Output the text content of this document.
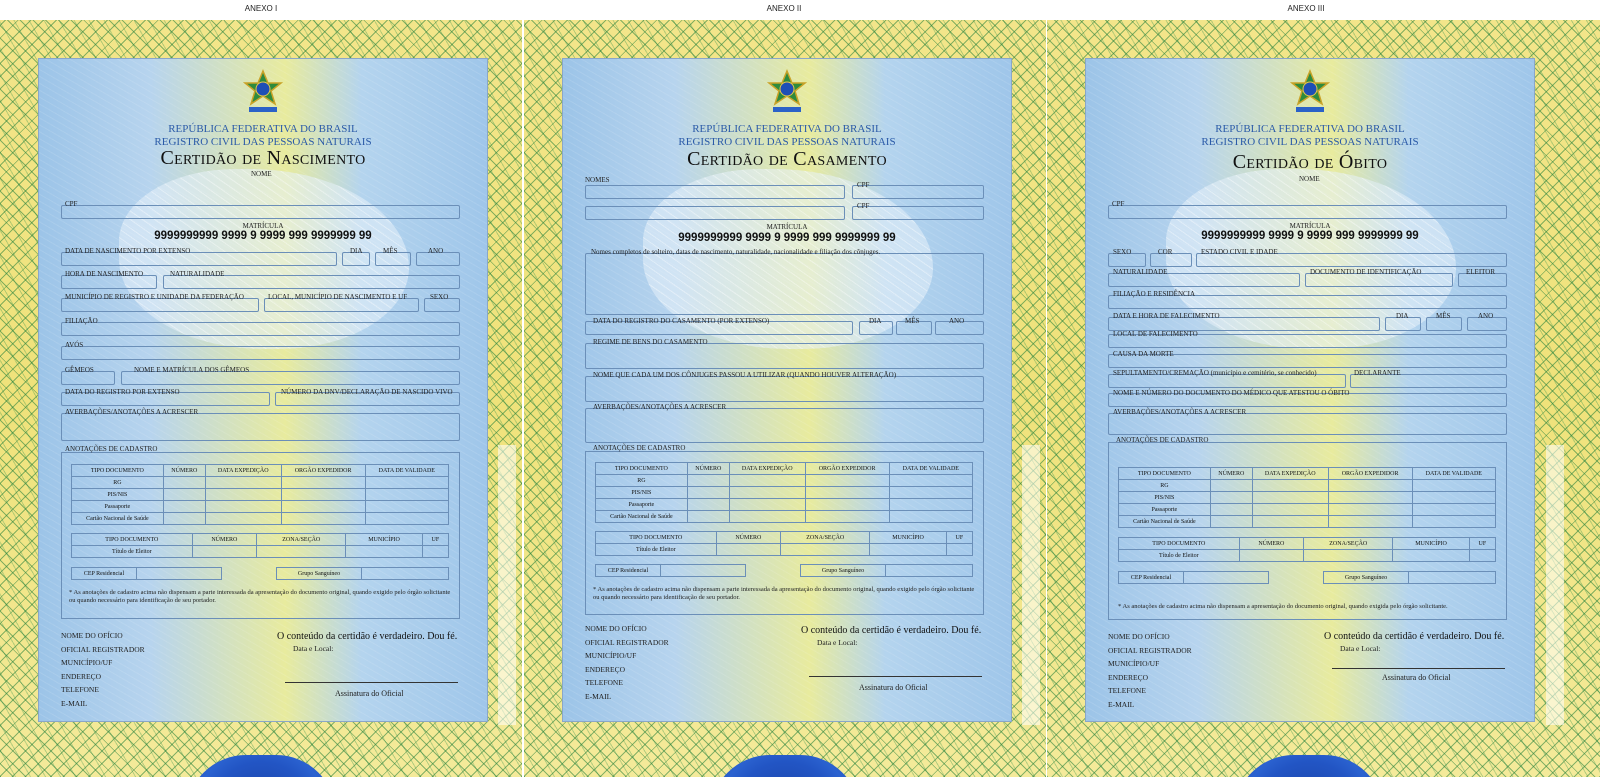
ANEXO I	ANEXO II	ANEXO III
REPÚBLICA FEDERATIVA DO BRASIL
REGISTRO CIVIL DAS PESSOAS NATURAIS
Certidão de Nascimento
NOME
CPF
MATRÍCULA
9999999999 9999 9 9999 999 9999999 99
DATA DE NASCIMENTO POR EXTENSO	DIA	MÊS	ANO
HORA DE NASCIMENTO	NATURALIDADE
MUNICÍPIO DE REGISTRO E UNIDADE DA FEDERAÇÃO	LOCAL, MUNICÍPIO DE NASCIMENTO E UF	SEXO
FILIAÇÃO
AVÓS
GÊMEOS	NOME E MATRÍCULA DOS GÊMEOS
DATA DO REGISTRO POR EXTENSO	NÚMERO DA DNV/DECLARAÇÃO DE NASCIDO VIVO
AVERBAÇÕES/ANOTAÇÕES A ACRESCER
ANOTAÇÕES DE CADASTRO
TIPO DOCUMENTO	NÚMERO	DATA EXPEDIÇÃO	ORGÃO EXPEDIDOR	DATA DE VALIDADE
RG				
PIS/NIS				
Passaporte				
Cartão Nacional de Saúde				
TIPO DOCUMENTO	NÚMERO	ZONA/SEÇÃO	MUNICÍPIO	UF
Título de Eleitor				
CEP Residencial			Grupo Sanguíneo	
* As anotações de cadastro acima não dispensam a parte interessada da apresentação do documento original, quando exigido pelo órgão solicitante ou quando necessário para identificação de seu portador.
NOME DO OFÍCIO
OFICIAL REGISTRADOR
MUNICÍPIO/UF
ENDEREÇO
TELEFONE
E-MAIL
O conteúdo da certidão é verdadeiro. Dou fé.
Data e Local:
Assinatura do Oficial
REPÚBLICA FEDERATIVA DO BRASIL
REGISTRO CIVIL DAS PESSOAS NATURAIS
Certidão de Casamento
NOMES
CPF
CPF
MATRÍCULA
9999999999 9999 9 9999 999 9999999 99
Nomes completos de solteiro, datas de nascimento, naturalidade, nacionalidade e filiação dos cônjuges.
DATA DO REGISTRO DO CASAMENTO (POR EXTENSO)	DIA	MÊS	ANO
REGIME DE BENS DO CASAMENTO
NOME QUE CADA UM DOS CÔNJUGES PASSOU A UTILIZAR (QUANDO HOUVER ALTERAÇÃO)
AVERBAÇÕES/ANOTAÇÕES A ACRESCER
ANOTAÇÕES DE CADASTRO
TIPO DOCUMENTO	NÚMERO	DATA EXPEDIÇÃO	ORGÃO EXPEDIDOR	DATA DE VALIDADE
RG				
PIS/NIS				
Passaporte				
Cartão Nacional de Saúde				
TIPO DOCUMENTO	NÚMERO	ZONA/SEÇÃO	MUNICÍPIO	UF
Título de Eleitor				
CEP Residencial			Grupo Sanguíneo	
* As anotações de cadastro acima não dispensam a parte interessada da apresentação do documento original, quando exigido pelo órgão solicitante ou quando necessário para identificação de seu portador.
NOME DO OFÍCIO
OFICIAL REGISTRADOR
MUNICÍPIO/UF
ENDEREÇO
TELEFONE
E-MAIL
O conteúdo da certidão é verdadeiro. Dou fé.
Data e Local:
Assinatura do Oficial
REPÚBLICA FEDERATIVA DO BRASIL
REGISTRO CIVIL DAS PESSOAS NATURAIS
Certidão de Óbito
NOME
CPF
MATRÍCULA
9999999999 9999 9 9999 999 9999999 99
SEXO	COR	ESTADO CIVIL E IDADE
NATURALIDADE	DOCUMENTO DE IDENTIFICAÇÃO	ELEITOR
FILIAÇÃO E RESIDÊNCIA
DATA E HORA DE FALECIMENTO	DIA	MÊS	ANO
LOCAL DE FALECIMENTO
CAUSA DA MORTE
SEPULTAMENTO/CREMAÇÃO (município e cemitério, se conhecido)	DECLARANTE
NOME E NÚMERO DO DOCUMENTO DO MÉDICO QUE ATESTOU O ÓBITO
AVERBAÇÕES/ANOTAÇÕES A ACRESCER
ANOTAÇÕES DE CADASTRO
TIPO DOCUMENTO	NÚMERO	DATA EXPEDIÇÃO	ORGÃO EXPEDIDOR	DATA DE VALIDADE
RG				
PIS/NIS				
Passaporte				
Cartão Nacional de Saúde				
TIPO DOCUMENTO	NÚMERO	ZONA/SEÇÃO	MUNICÍPIO	UF
Título de Eleitor				
CEP Residencial			Grupo Sanguíneo	
* As anotações de cadastro acima não dispensam a apresentação do documento original, quando exigida pelo órgão solicitante.
NOME DO OFÍCIO
OFICIAL REGISTRADOR
MUNICÍPIO/UF
ENDEREÇO
TELEFONE
E-MAIL
O conteúdo da certidão é verdadeiro. Dou fé.
Data e Local:
Assinatura do Oficial
